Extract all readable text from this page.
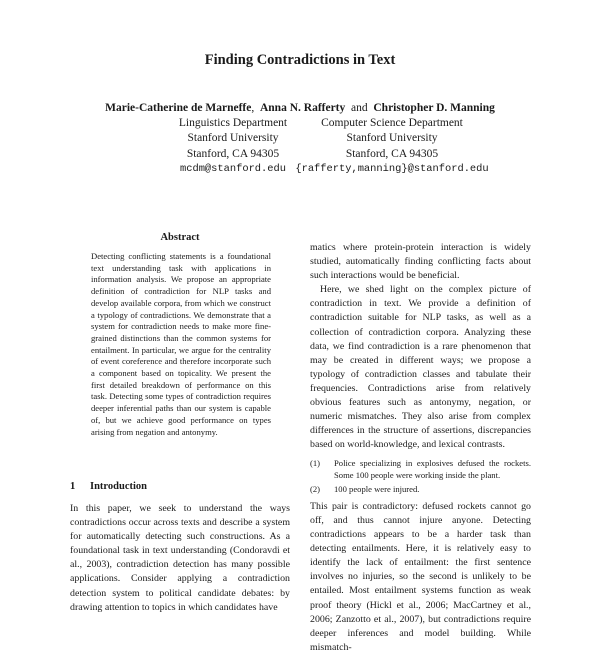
Finding Contradictions in Text
Marie-Catherine de Marneffe, Anna N. Rafferty and Christopher D. Manning
Linguistics Department
Stanford University
Stanford, CA 94305
mcdm@stanford.edu
Computer Science Department
Stanford University
Stanford, CA 94305
{rafferty,manning}@stanford.edu
Abstract
Detecting conflicting statements is a foundational text understanding task with applications in information analysis. We propose an appropriate definition of contradiction for NLP tasks and develop available corpora, from which we construct a typology of contradictions. We demonstrate that a system for contradiction needs to make more fine-grained distinctions than the common systems for entailment. In particular, we argue for the centrality of event coreference and therefore incorporate such a component based on topicality. We present the first detailed breakdown of performance on this task. Detecting some types of contradiction requires deeper inferential paths than our system is capable of, but we achieve good performance on types arising from negation and antonymy.
1 Introduction
In this paper, we seek to understand the ways contradictions occur across texts and describe a system for automatically detecting such constructions. As a foundational task in text understanding (Condoravdi et al., 2003), contradiction detection has many possible applications. Consider applying a contradiction detection system to political candidate debates: by drawing attention to topics in which candidates have

matics where protein-protein interaction is widely studied, automatically finding conflicting facts about such interactions would be beneficial.

Here, we shed light on the complex picture of contradiction in text. We provide a definition of contradiction suitable for NLP tasks, as well as a collection of contradiction corpora. Analyzing these data, we find contradiction is a rare phenomenon that may be created in different ways; we propose a typology of contradiction classes and tabulate their frequencies. Contradictions arise from relatively obvious features such as antonymy, negation, or numeric mismatches. They also arise from complex differences in the structure of assertions, discrepancies based on world-knowledge, and lexical contrasts.

(1)	Police specializing in explosives defused the rockets. Some 100 people were working inside the plant.
(2)	100 people were injured.

This pair is contradictory: defused rockets cannot go off, and thus cannot injure anyone. Detecting contradictions appears to be a harder task than detecting entailments. Here, it is relatively easy to identify the lack of entailment: the first sentence involves no injuries, so the second is unlikely to be entailed. Most entailment systems function as weak proof theory (Hickl et al., 2006; MacCartney et al., 2006; Zanzotto et al., 2007), but contradictions require deeper inferences and model building. While mismatch-
